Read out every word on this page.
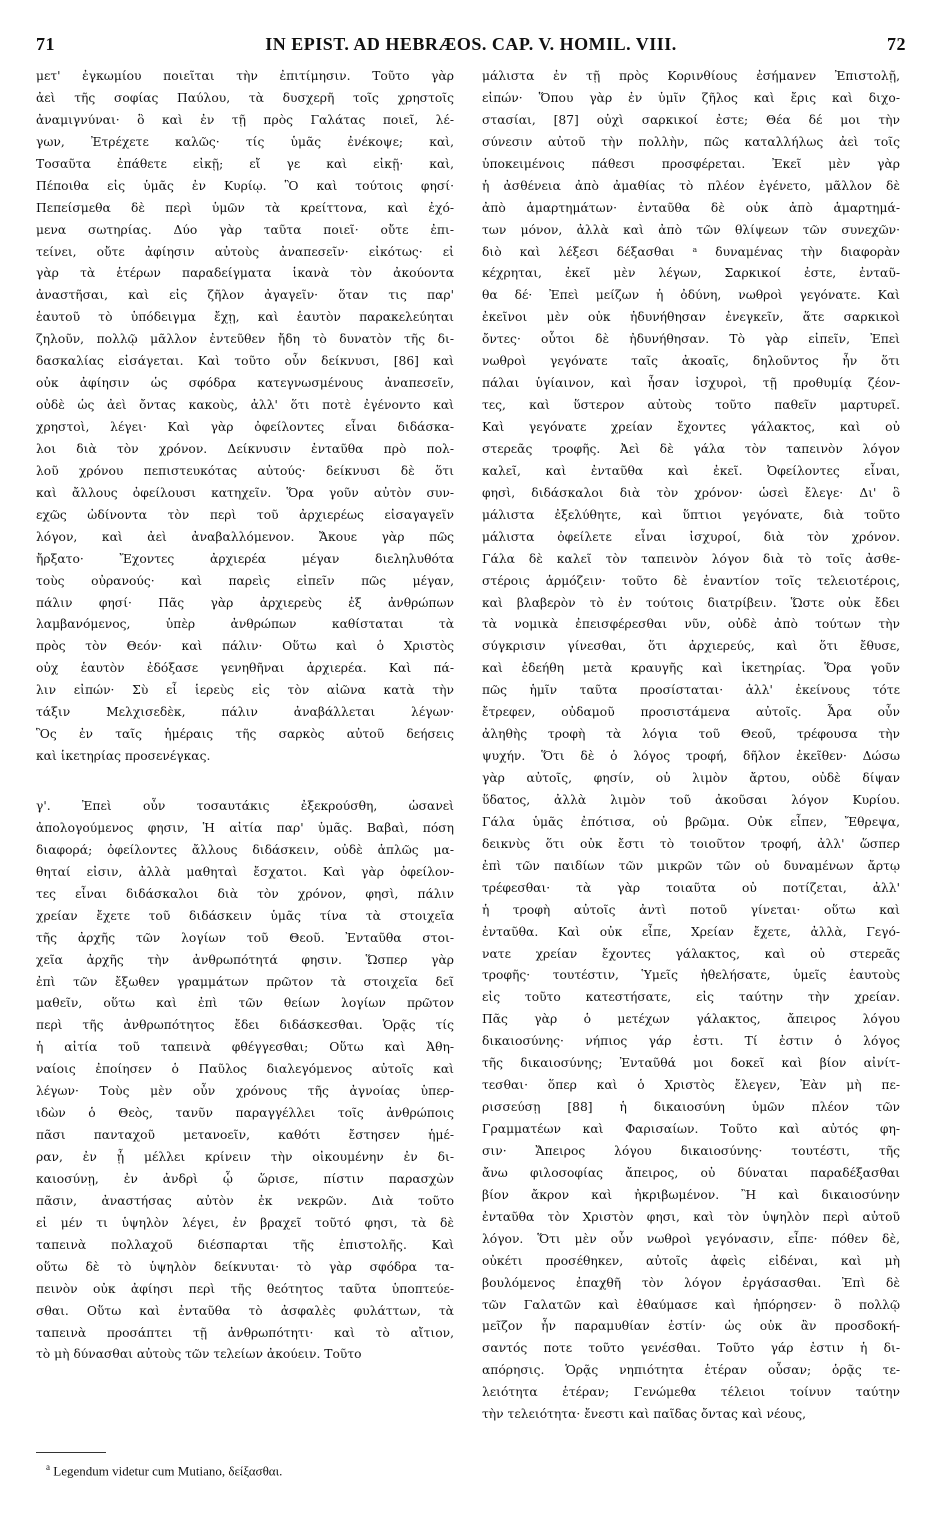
71	IN EPIST. AD HEBRÆOS. CAP. V. HOMIL. VIII.	72
μετ' ἐγκωμίου ποιεῖται τὴν ἐπιτίμησιν. Τοῦτο γὰρ
ἀεὶ τῆς σοφίας Παύλου, τὰ δυσχερῆ τοῖς χρηστοῖς
ἀναμιγνύναι· ὃ καὶ ἐν τῇ πρὸς Γαλάτας ποιεῖ, λέ-
γων, Ἐτρέχετε καλῶς· τίς ὑμᾶς ἐνέκοψε; καὶ,
Τοσαῦτα ἐπάθετε εἰκῇ; εἴ γε καὶ εἰκῇ· καὶ,
Πέποιθα εἰς ὑμᾶς ἐν Κυρίῳ. Ὃ καὶ τούτοις φησί·
Πεπείσμεθα δὲ περὶ ὑμῶν τὰ κρείττονα, καὶ ἐχό-
μενα σωτηρίας. Δύο γὰρ ταῦτα ποιεῖ· οὔτε ἐπι-
τείνει, οὔτε ἀφίησιν αὐτοὺς ἀναπεσεῖν· εἰκότως· εἰ
γὰρ τὰ ἑτέρων παραδείγματα ἱκανὰ τὸν ἀκούοντα
ἀναστῆσαι, καὶ εἰς ζῆλον ἀγαγεῖν· ὅταν τις παρ'
ἑαυτοῦ τὸ ὑπόδειγμα ἔχῃ, καὶ ἑαυτὸν παρακελεύηται
ζηλοῦν, πολλῷ μᾶλλον ἐντεῦθεν ἤδη τὸ δυνατὸν τῆς δι-
δασκαλίας εἰσάγεται. Καὶ τοῦτο οὖν δείκνυσι, [86] καὶ
οὐκ ἀφίησιν ὡς σφόδρα κατεγνωσμένους ἀναπεσεῖν,
οὐδὲ ὡς ἀεὶ ὄντας κακοὺς, ἀλλ' ὅτι ποτὲ ἐγένοντο καὶ
χρηστοὶ, λέγει· Καὶ γὰρ ὀφείλοντες εἶναι διδάσκα-
λοι διὰ τὸν χρόνον. Δείκνυσιν ἐνταῦθα πρὸ πολ-
λοῦ χρόνου πεπιστευκότας αὐτούς· δείκνυσι δὲ ὅτι
καὶ ἄλλους ὀφείλουσι κατηχεῖν. Ὅρα γοῦν αὐτὸν συν-
εχῶς ὠδίνοντα τὸν περὶ τοῦ ἀρχιερέως εἰσαγαγεῖν
λόγον, καὶ ἀεὶ ἀναβαλλόμενον. Ἄκουε γὰρ πῶς
ἤρξατο· Ἔχοντες ἀρχιερέα μέγαν διεληλυθότα
τοὺς οὐρανούς· καὶ παρεὶς εἰπεῖν πῶς μέγαν,
πάλιν φησί· Πᾶς γὰρ ἀρχιερεὺς ἐξ ἀνθρώπων
λαμβανόμενος, ὑπὲρ ἀνθρώπων καθίσταται τὰ
πρὸς τὸν Θεόν· καὶ πάλιν· Οὕτω καὶ ὁ Χριστὸς
οὐχ ἑαυτὸν ἐδόξασε γενηθῆναι ἀρχιερέα. Καὶ πά-
λιν εἰπών· Σὺ εἶ ἱερεὺς εἰς τὸν αἰῶνα κατὰ τὴν
τάξιν Μελχισεδὲκ, πάλιν ἀναβάλλεται λέγων·
Ὃς ἐν ταῖς ἡμέραις τῆς σαρκὸς αὐτοῦ δεήσεις
καὶ ἱκετηρίας προσενέγκας.
γ'. Ἐπεὶ οὖν τοσαυτάκις ἐξεκρούσθη, ὡσανεὶ
ἀπολογούμενος φησιν, Ἡ αἰτία παρ' ὑμᾶς. Βαβαὶ, πόση
διαφορά; ὀφείλοντες ἄλλους διδάσκειν, οὐδὲ ἁπλῶς μα-
θηταί εἰσιν, ἀλλὰ μαθηταὶ ἔσχατοι. Καὶ γὰρ ὀφείλον-
τες εἶναι διδάσκαλοι διὰ τὸν χρόνον, φησὶ, πάλιν
χρείαν ἔχετε τοῦ διδάσκειν ὑμᾶς τίνα τὰ στοιχεῖα
τῆς ἀρχῆς τῶν λογίων τοῦ Θεοῦ. Ἐνταῦθα στοι-
χεῖα ἀρχῆς τὴν ἀνθρωπότητά φησιν. Ὥσπερ γὰρ
ἐπὶ τῶν ἔξωθεν γραμμάτων πρῶτον τὰ στοιχεῖα δεῖ
μαθεῖν, οὕτω καὶ ἐπὶ τῶν θείων λογίων πρῶτον
περὶ τῆς ἀνθρωπότητος ἔδει διδάσκεσθαι. Ὁρᾷς τίς
ἡ αἰτία τοῦ ταπεινὰ φθέγγεσθαι; Οὕτω καὶ Ἀθη-
ναίοις ἐποίησεν ὁ Παῦλος διαλεγόμενος αὐτοῖς καὶ
λέγων· Τοὺς μὲν οὖν χρόνους τῆς ἀγνοίας ὑπερ-
ιδὼν ὁ Θεὸς, τανῦν παραγγέλλει τοῖς ἀνθρώποις
πᾶσι πανταχοῦ μετανοεῖν, καθότι ἔστησεν ἡμέ-
ραν, ἐν ᾗ μέλλει κρίνειν τὴν οἰκουμένην ἐν δι-
καιοσύνῃ, ἐν ἀνδρὶ ᾧ ὥρισε, πίστιν παρασχὼν
πᾶσιν, ἀναστήσας αὐτὸν ἐκ νεκρῶν. Διὰ τοῦτο
εἰ μέν τι ὑψηλὸν λέγει, ἐν βραχεῖ τοῦτό φησι, τὰ δὲ
ταπεινὰ πολλαχοῦ διέσπαρται τῆς ἐπιστολῆς. Καὶ
οὕτω δὲ τὸ ὑψηλὸν δείκνυται· τὸ γὰρ σφόδρα τα-
πεινὸν οὐκ ἀφίησι περὶ τῆς θεότητος ταῦτα ὑποπτεύε-
σθαι. Οὕτω καὶ ἐνταῦθα τὸ ἀσφαλὲς φυλάττων, τὰ
ταπεινὰ προσάπτει τῇ ἀνθρωπότητι· καὶ τὸ αἴτιον,
τὸ μὴ δύνασθαι αὐτοὺς τῶν τελείων ἀκούειν. Τοῦτο
μάλιστα ἐν τῇ πρὸς Κορινθίους ἐσήμανεν Ἐπιστολῇ,
εἰπών· Ὅπου γὰρ ἐν ὑμῖν ζῆλος καὶ ἔρις καὶ διχο-
στασίαι, [87] οὐχὶ σαρκικοί ἐστε; Θέα δέ μοι τὴν
σύνεσιν αὐτοῦ τὴν πολλὴν, πῶς καταλλήλως ἀεὶ τοῖς
ὑποκειμένοις πάθεσι προσφέρεται. Ἐκεῖ μὲν γὰρ
ἡ ἀσθένεια ἀπὸ ἀμαθίας τὸ πλέον ἐγένετο, μᾶλλον δὲ
ἀπὸ ἁμαρτημάτων· ἐνταῦθα δὲ οὐκ ἀπὸ ἁμαρτημά-
των μόνον, ἀλλὰ καὶ ἀπὸ τῶν θλίψεων τῶν συνεχῶν·
διὸ καὶ λέξεσι δέξασθαι ᵃ δυναμένας τὴν διαφορὰν
κέχρηται, ἐκεῖ μὲν λέγων, Σαρκικοί ἐστε, ἐνταῦ-
θα δέ· Ἐπεὶ μείζων ἡ ὀδύνη, νωθροὶ γεγόνατε. Καὶ
ἐκεῖνοι μὲν οὐκ ἠδυνήθησαν ἐνεγκεῖν, ἅτε σαρκικοὶ
ὄντες· οὗτοι δὲ ἠδυνήθησαν. Τὸ γὰρ εἰπεῖν, Ἐπεὶ
νωθροὶ γεγόνατε ταῖς ἀκοαῖς, δηλοῦντος ἦν ὅτι
πάλαι ὑγίαινον, καὶ ἦσαν ἰσχυροὶ, τῇ προθυμίᾳ ζέον-
τες, καὶ ὕστερον αὐτοὺς τοῦτο παθεῖν μαρτυρεῖ.
Καὶ γεγόνατε χρείαν ἔχοντες γάλακτος, καὶ οὐ
στερεᾶς τροφῆς. Ἀεὶ δὲ γάλα τὸν ταπεινὸν λόγον
καλεῖ, καὶ ἐνταῦθα καὶ ἐκεῖ. Ὀφείλοντες εἶναι,
φησὶ, διδάσκαλοι διὰ τὸν χρόνον· ὡσεὶ ἔλεγε· Δι' ὃ
μάλιστα ἐξελύθητε, καὶ ὕπτιοι γεγόνατε, διὰ τοῦτο
μάλιστα ὀφείλετε εἶναι ἰσχυροί, διὰ τὸν χρόνον.
Γάλα δὲ καλεῖ τὸν ταπεινὸν λόγον διὰ τὸ τοῖς ἀσθε-
στέροις ἁρμόζειν· τοῦτο δὲ ἐναντίον τοῖς τελειοτέροις,
καὶ βλαβερὸν τὸ ἐν τούτοις διατρίβειν. Ὥστε οὐκ ἔδει
τὰ νομικὰ ἐπεισφέρεσθαι νῦν, οὐδὲ ἀπὸ τούτων τὴν
σύγκρισιν γίνεσθαι, ὅτι ἀρχιερεύς, καὶ ὅτι ἔθυσε,
καὶ ἐδεήθη μετὰ κραυγῆς καὶ ἱκετηρίας. Ὅρα γοῦν
πῶς ἡμῖν ταῦτα προσίσταται· ἀλλ' ἐκείνους τότε
ἔτρεφεν, οὐδαμοῦ προσιστάμενα αὐτοῖς. Ἆρα οὖν
ἀληθὴς τροφὴ τὰ λόγια τοῦ Θεοῦ, τρέφουσα τὴν
ψυχήν. Ὅτι δὲ ὁ λόγος τροφή, δῆλον ἐκεῖθεν· Δώσω
γὰρ αὐτοῖς, φησίν, οὐ λιμὸν ἄρτου, οὐδὲ δίψαν
ὕδατος, ἀλλὰ λιμὸν τοῦ ἀκοῦσαι λόγον Κυρίου.
Γάλα ὑμᾶς ἐπότισα, οὐ βρῶμα. Οὐκ εἶπεν, Ἔθρεψα,
δεικνὺς ὅτι οὐκ ἔστι τὸ τοιοῦτον τροφή, ἀλλ' ὥσπερ
ἐπὶ τῶν παιδίων τῶν μικρῶν τῶν οὐ δυναμένων ἄρτῳ
τρέφεσθαι· τὰ γὰρ τοιαῦτα οὐ ποτίζεται, ἀλλ'
ἡ τροφὴ αὐτοῖς ἀντὶ ποτοῦ γίνεται· οὕτω καὶ
ἐνταῦθα. Καὶ οὐκ εἶπε, Χρείαν ἔχετε, ἀλλὰ, Γεγό-
νατε χρείαν ἔχοντες γάλακτος, καὶ οὐ στερεᾶς
τροφῆς· τουτέστιν, Ὑμεῖς ἠθελήσατε, ὑμεῖς ἑαυτοὺς
εἰς τοῦτο κατεστήσατε, εἰς ταύτην τὴν χρείαν.
Πᾶς γὰρ ὁ μετέχων γάλακτος, ἄπειρος λόγου
δικαιοσύνης· νήπιος γάρ ἐστι. Τί ἐστιν ὁ λόγος
τῆς δικαιοσύνης; Ἐνταῦθά μοι δοκεῖ καὶ βίον αἰνίτ-
τεσθαι· ὅπερ καὶ ὁ Χριστὸς ἔλεγεν, Ἐὰν μὴ πε-
ρισσεύσῃ [88] ἡ δικαιοσύνη ὑμῶν πλέον τῶν
Γραμματέων καὶ Φαρισαίων. Τοῦτο καὶ αὐτός φη-
σιν· Ἄπειρος λόγου δικαιοσύνης· τουτέστι, τῆς
ἄνω φιλοσοφίας ἄπειρος, οὐ δύναται παραδέξασθαι
βίον ἄκρον καὶ ἠκριβωμένον. Ἢ καὶ δικαιοσύνην
ἐνταῦθα τὸν Χριστὸν φησι, καὶ τὸν ὑψηλὸν περὶ αὐτοῦ
λόγον. Ὅτι μὲν οὖν νωθροὶ γεγόνασιν, εἶπε· πόθεν δὲ,
οὐκέτι προσέθηκεν, αὐτοῖς ἀφεὶς εἰδέναι, καὶ μὴ
βουλόμενος ἐπαχθῆ τὸν λόγον ἐργάσασθαι. Ἐπὶ δὲ
τῶν Γαλατῶν καὶ ἐθαύμασε καὶ ἠπόρησεν· ὃ πολλῷ
μεῖζον ἦν παραμυθίαν ἐστίν· ὡς οὐκ ἂν προσδοκή-
σαντός ποτε τοῦτο γενέσθαι. Τοῦτο γάρ ἐστιν ἡ δι-
απόρησις. Ὁρᾷς νηπιότητα ἑτέραν οὖσαν; ὁρᾷς τε-
λειότητα ἑτέραν; Γενώμεθα τέλειοι τοίνυν ταύτην
τὴν τελειότητα· ἔνεστι καὶ παῖδας ὄντας καὶ νέους,
$^a$ Legendum videtur cum Mutiano, δείξασθαι.
